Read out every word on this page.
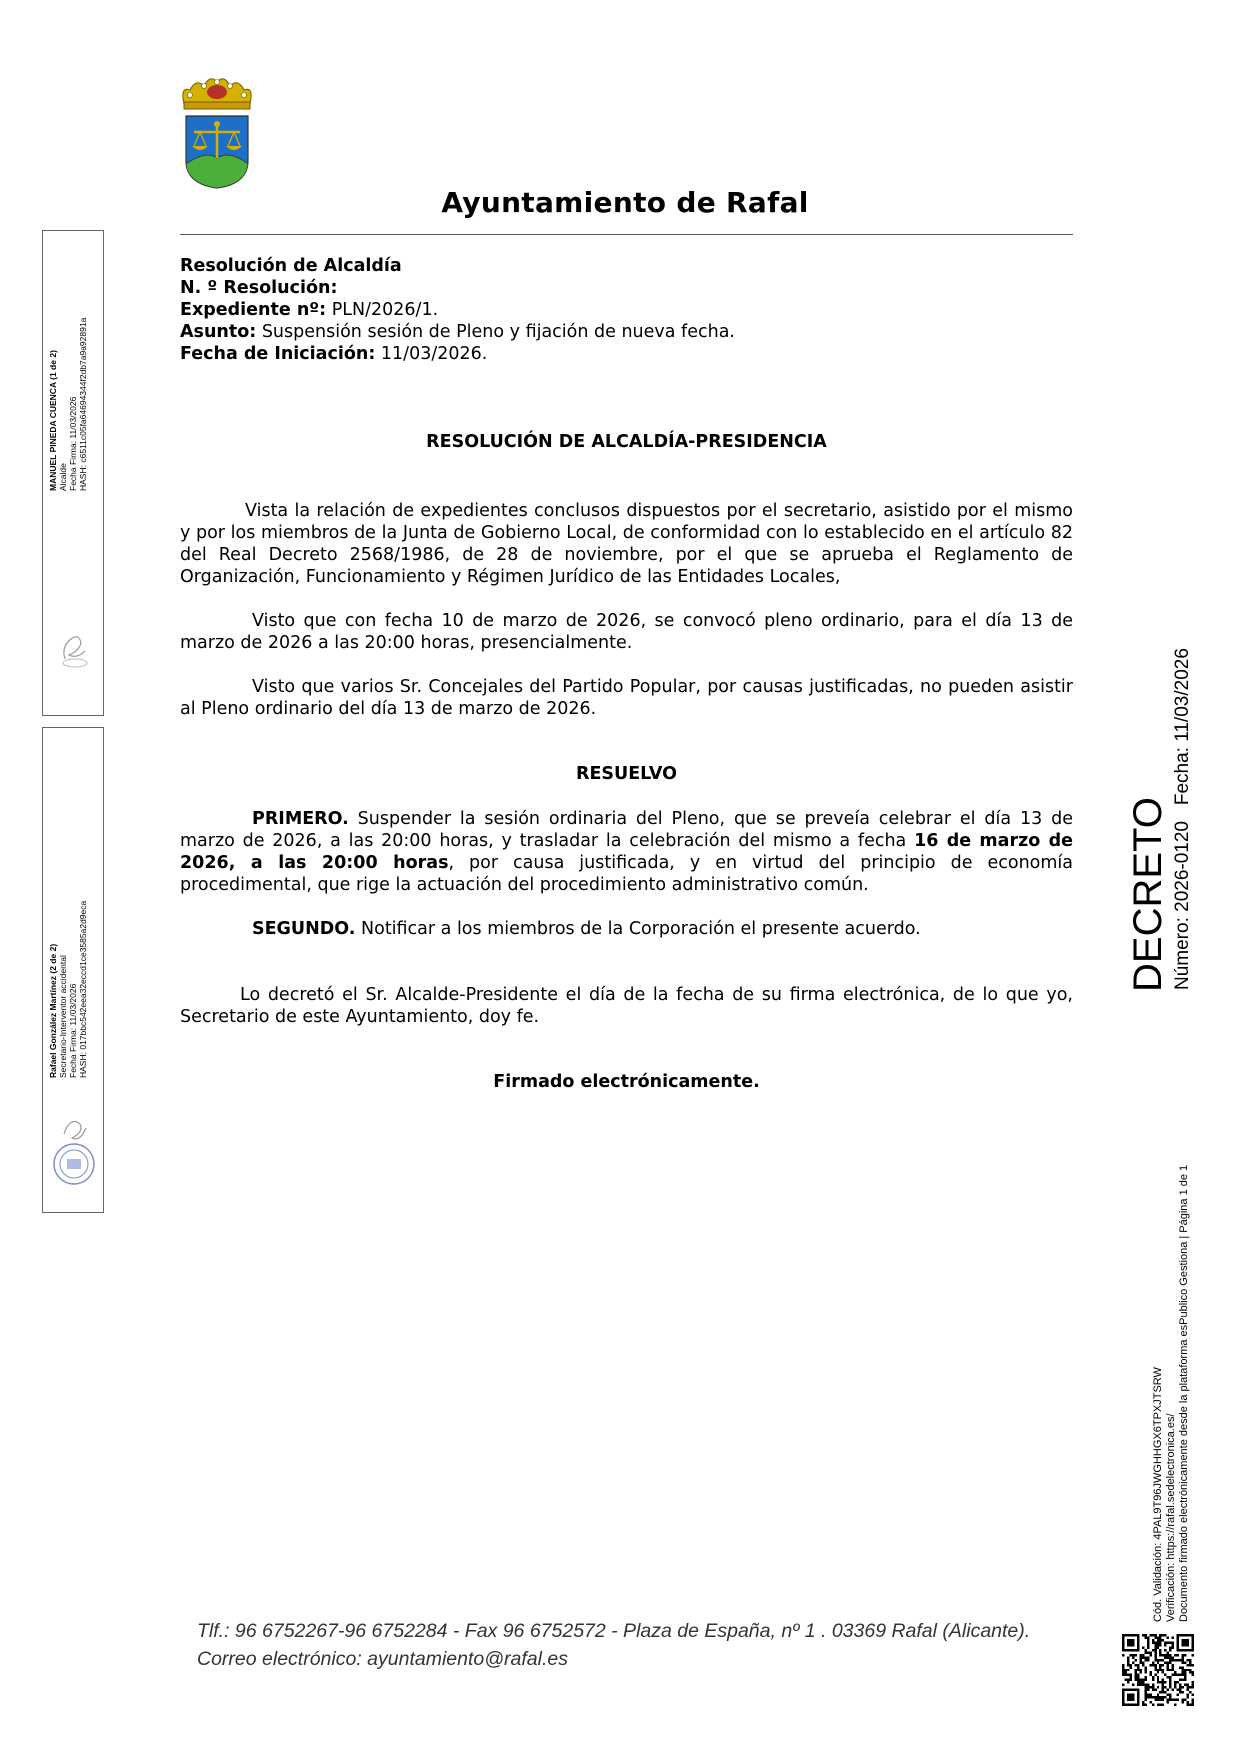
Ayuntamiento de Rafal
Resolución de Alcaldía
N. º Resolución:
Expediente nº: PLN/2026/1.
Asunto: Suspensión sesión de Pleno y fijación de nueva fecha.
Fecha de Iniciación: 11/03/2026.
RESOLUCIÓN DE ALCALDÍA-PRESIDENCIA
Vista la relación de expedientes conclusos dispuestos por el secretario, asistido por el mismo y por los miembros de la Junta de Gobierno Local, de conformidad con lo establecido en el artículo 82 del Real Decreto 2568/1986, de 28 de noviembre, por el que se aprueba el Reglamento de Organización, Funcionamiento y Régimen Jurídico de las Entidades Locales,
Visto que con fecha 10 de marzo de 2026, se convocó pleno ordinario, para el día 13 de marzo de 2026 a las 20:00 horas, presencialmente.
Visto que varios Sr. Concejales del Partido Popular, por causas justificadas, no pueden asistir al Pleno ordinario del día 13 de marzo de 2026.
RESUELVO
PRIMERO. Suspender la sesión ordinaria del Pleno, que se preveía celebrar el día 13 de marzo de 2026, a las 20:00 horas, y trasladar la celebración del mismo a fecha 16 de marzo de 2026, a las 20:00 horas, por causa justificada, y en virtud del principio de economía procedimental, que rige la actuación del procedimiento administrativo común.
SEGUNDO. Notificar a los miembros de la Corporación el presente acuerdo.
Lo decretó el Sr. Alcalde-Presidente el día de la fecha de su firma electrónica, de lo que yo, Secretario de este Ayuntamiento, doy fe.
Firmado electrónicamente.
MANUEL PINEDA CUENCA (1 de 2)
Alcalde
Fecha Firma: 11/03/2026
HASH: c6511c05fa64694344f2db7a9a92891a
Rafael González Martínez (2 de 2)
Secretario-Interventor accidental
Fecha Firma: 11/03/2026
HASH: 017bbc542eea32eccd1ce3585a2d9eca	DECRETO Número: 2026-0120   Fecha: 11/03/2026
Cód. Validación: 4PAL9T96JWGHHGX6TPXJTSRW
Verificación: https://rafal.sedelectronica.es/
Documento firmado electrónicamente desde la plataforma esPublico Gestiona | Página 1 de 1
Tlf.: 96 6752267-96 6752284 - Fax 96 6752572 - Plaza de España, nº 1 . 03369 Rafal (Alicante).
Correo electrónico: ayuntamiento@rafal.es
